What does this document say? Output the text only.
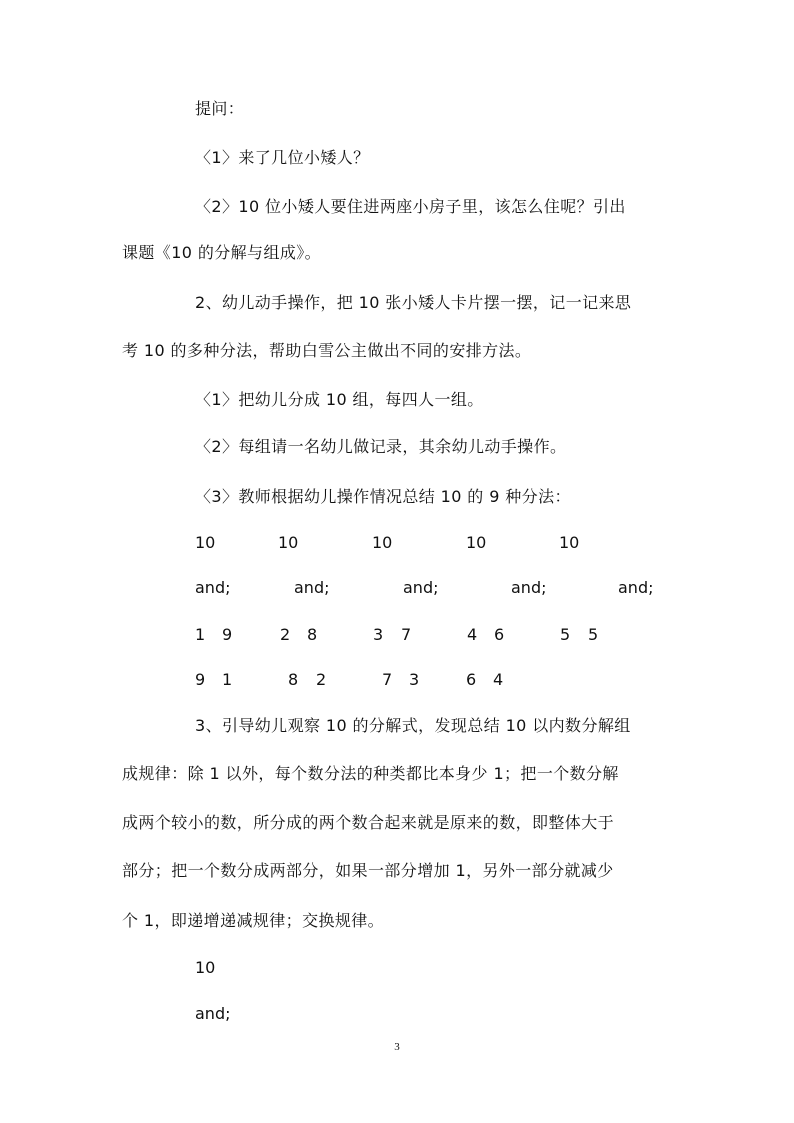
提问：

〈1〉来了几位小矮人？

〈2〉10 位小矮人要住进两座小房子里，该怎么住呢？引出

课题《10 的分解与组成》。

2、幼儿动手操作，把 10 张小矮人卡片摆一摆，记一记来思

考 10 的多种分法，帮助白雪公主做出不同的安排方法。

〈1〉把幼儿分成 10 组，每四人一组。

〈2〉每组请一名幼儿做记录，其余幼儿动手操作。

〈3〉教师根据幼儿操作情况总结 10 的 9 种分法：

10	10	10	10	10
and;	and;	and;	and;	and;
1 9	2 8	3 7	4 6	5 5
9 1	8 2	7 3	6 4

3、引导幼儿观察 10 的分解式，发现总结 10 以内数分解组

成规律：除 1 以外，每个数分法的种类都比本身少 1；把一个数分解

成两个较小的数，所分成的两个数合起来就是原来的数，即整体大于

部分；把一个数分成两部分，如果一部分增加 1，另外一部分就减少

个 1，即递增递减规律；交换规律。

10
and;
3
